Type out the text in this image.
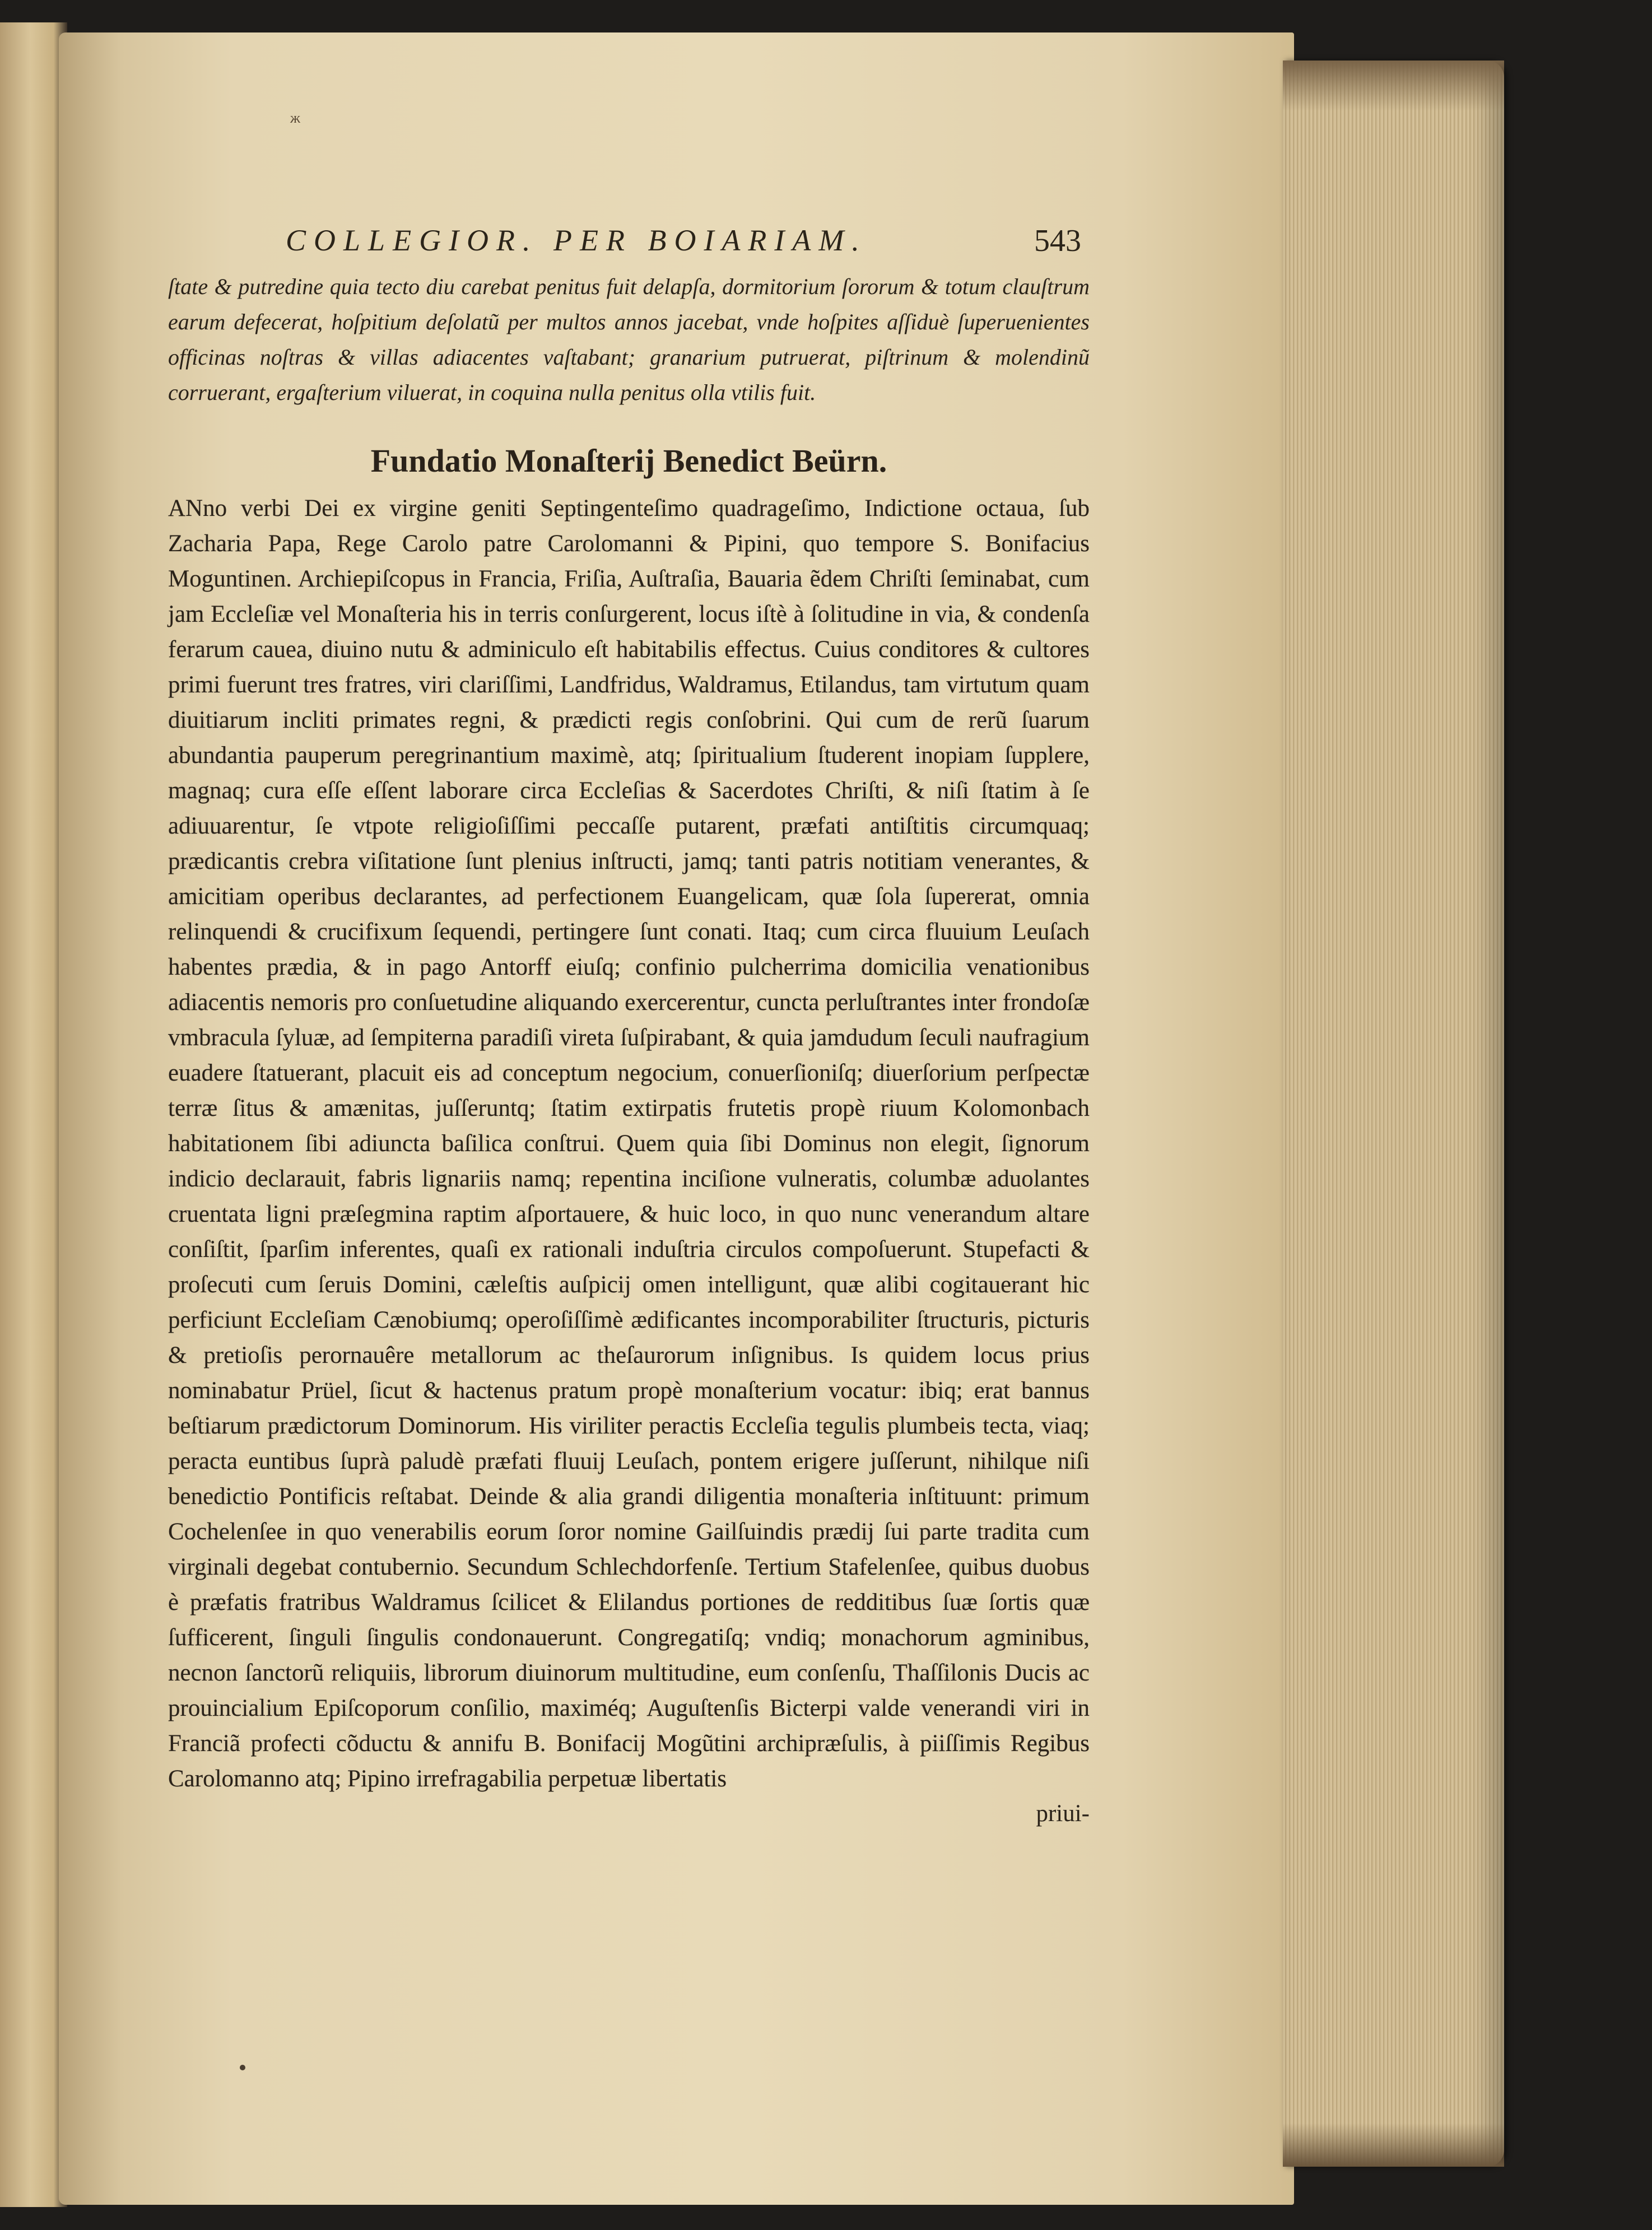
ж
COLLEGIOR. PER BOIARIAM.	543

ſtate & putredine quia tecto diu carebat penitus fuit delapſa, dormitorium ſororum & totum clauſtrum earum defecerat, hoſpitium deſolatũ per multos annos jacebat, vnde hoſpites aſſiduè ſuperuenientes officinas noſtras & villas adiacentes vaſtabant; granarium putruerat, piſtrinum & molendinũ corruerant, ergaſterium viluerat, in coquina nulla penitus olla vtilis fuit.

Fundatio Monaſterij Benedict Beürn.

ANno verbi Dei ex virgine geniti Septingenteſimo quadrageſimo, Indictione octaua, ſub Zacharia Papa, Rege Carolo patre Carolomanni & Pipini, quo tempore S. Bonifacius Moguntinen. Archiepiſcopus in Francia, Friſia, Auſtraſia, Bauaria ẽdem Chriſti ſeminabat, cum jam Eccleſiæ vel Monaſteria his in terris conſurgerent, locus iſtè à ſolitudine in via, & condenſa ferarum cauea, diuino nutu & adminiculo eſt habitabilis effectus. Cuius conditores & cultores primi fuerunt tres fratres, viri clariſſimi, Landfridus, Waldramus, Etilandus, tam virtutum quam diuitiarum incliti primates regni, & prædicti regis conſobrini. Qui cum de rerũ ſuarum abundantia pauperum peregrinantium maximè, atq; ſpiritualium ſtuderent inopiam ſupplere, magnaq; cura eſſe eſſent laborare circa Eccleſias & Sacerdotes Chriſti, & niſi ſtatim à ſe adiuuarentur, ſe vtpote religioſiſſimi peccaſſe putarent, præfati antiſtitis circumquaq; prædicantis crebra viſitatione ſunt plenius inſtructi, jamq; tanti patris notitiam venerantes, & amicitiam operibus declarantes, ad perfectionem Euangelicam, quæ ſola ſupererat, omnia relinquendi & crucifixum ſequendi, pertingere ſunt conati. Itaq; cum circa fluuium Leuſach habentes prædia, & in pago Antorff eiuſq; confinio pulcherrima domicilia venationibus adiacentis nemoris pro conſuetudine aliquando exercerentur, cuncta perluſtrantes inter frondoſæ vmbracula ſyluæ, ad ſempiterna paradiſi vireta ſuſpirabant, & quia jamdudum ſeculi naufragium euadere ſtatuerant, placuit eis ad conceptum negocium, conuerſioniſq; diuerſorium perſpectæ terræ ſitus & amænitas, juſſeruntq; ſtatim extirpatis frutetis propè riuum Kolomonbach habitationem ſibi adiuncta baſilica conſtrui. Quem quia ſibi Dominus non elegit, ſignorum indicio declarauit, fabris lignariis namq; repentina inciſione vulneratis, columbæ aduolantes cruentata ligni præſegmina raptim aſportauere, & huic loco, in quo nunc venerandum altare conſiſtit, ſparſim inferentes, quaſi ex rationali induſtria circulos compoſuerunt. Stupefacti & proſecuti cum ſeruis Domini, cæleſtis auſpicij omen intelligunt, quæ alibi cogitauerant hic perficiunt Eccleſiam Cænobiumq; operoſiſſimè ædificantes incomporabiliter ſtructuris, picturis & pretioſis perornauêre metallorum ac theſaurorum inſignibus. Is quidem locus prius nominabatur Prüel, ſicut & hactenus pratum propè monaſterium vocatur: ibiq; erat bannus beſtiarum prædictorum Dominorum. His viriliter peractis Eccleſia tegulis plumbeis tecta, viaq; peracta euntibus ſuprà paludè præfati fluuij Leuſach, pontem erigere juſſerunt, nihilque niſi benedictio Pontificis reſtabat. Deinde & alia grandi diligentia monaſteria inſtituunt: primum Cochelenſee in quo venerabilis eorum ſoror nomine Gailſuindis prædij ſui parte tradita cum virginali degebat contubernio. Secundum Schlechdorfenſe. Tertium Stafelenſee, quibus duobus è præfatis fratribus Waldramus ſcilicet & Elilandus portiones de redditibus ſuæ ſortis quæ ſufficerent, ſinguli ſingulis condonauerunt. Congregatiſq; vndiq; monachorum agminibus, necnon ſanctorũ reliquiis, librorum diuinorum multitudine, eum conſenſu, Thaſſilonis Ducis ac prouincialium Epiſcoporum conſilio, maximéq; Auguſtenſis Bicterpi valde venerandi viri in Franciã profecti cõductu & annifu B. Bonifacij Mogũtini archipræſulis, à piiſſimis Regibus Carolomanno atq; Pipino irrefragabilia perpetuæ libertatis

priui-
